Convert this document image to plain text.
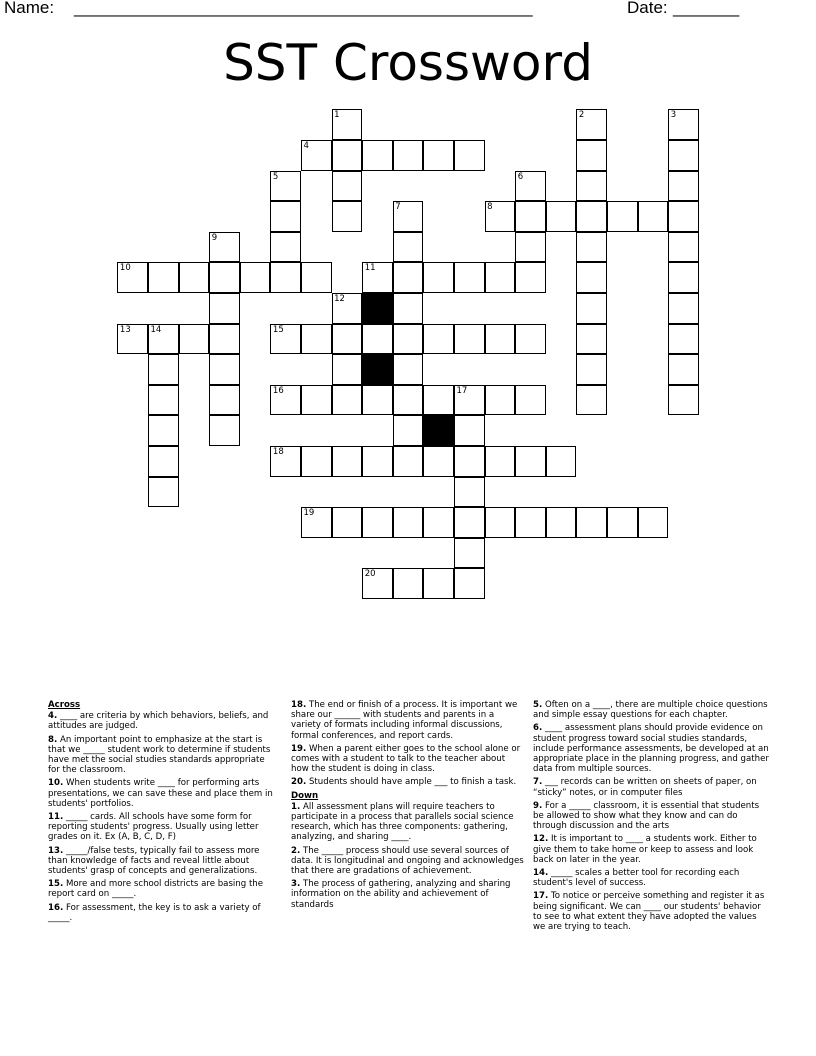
Name: ________________________________________________	Date: _______
SST Crossword
1	2	3
4
5	6
7	8
9
10	11
12
13 14	15
16	17
18
19
20

Across

4. ____ are criteria by which behaviors, beliefs, and attitudes are judged.

8. An important point to emphasize at the start is that we _____ student work to determine if students have met the social studies standards appropriate for the classroom.

10. When students write ____ for performing arts presentations, we can save these and place them in students' portfolios.

11. _____ cards. All schools have some form for reporting students' progress. Usually using letter grades on it. Ex (A, B, C, D, F)

13. _____/false tests, typically fail to assess more than knowledge of facts and reveal little about students' grasp of concepts and generalizations.

15. More and more school districts are basing the report card on _____.

16. For assessment, the key is to ask a variety of _____.

18. The end or finish of a process. It is important we share our ______ with students and parents in a variety of formats including informal discussions, formal conferences, and report cards.

19. When a parent either goes to the school alone or comes with a student to talk to the teacher about how the student is doing in class.

20. Students should have ample ___ to finish a task.

Down

1. All assessment plans will require teachers to participate in a process that parallels social science research, which has three components: gathering, analyzing, and sharing ____.

2. The _____ process should use several sources of data. It is longitudinal and ongoing and acknowledges that there are gradations of achievement.

3. The process of gathering, analyzing and sharing information on the ability and achievement of standards

5. Often on a ____, there are multiple choice questions and simple essay questions for each chapter.

6. ____ assessment plans should provide evidence on student progress toward social studies standards, include performance assessments, be developed at an appropriate place in the planning progress, and gather data from multiple sources.

7. ___ records can be written on sheets of paper, on “sticky” notes, or in computer files

9. For a _____ classroom, it is essential that students be allowed to show what they know and can do through discussion and the arts

12. It is important to ____ a students work. Either to give them to take home or keep to assess and look back on later in the year.

14. _____ scales a better tool for recording each student's level of success.

17. To notice or perceive something and register it as being significant. We can ____ our students' behavior to see to what extent they have adopted the values we are trying to teach.
